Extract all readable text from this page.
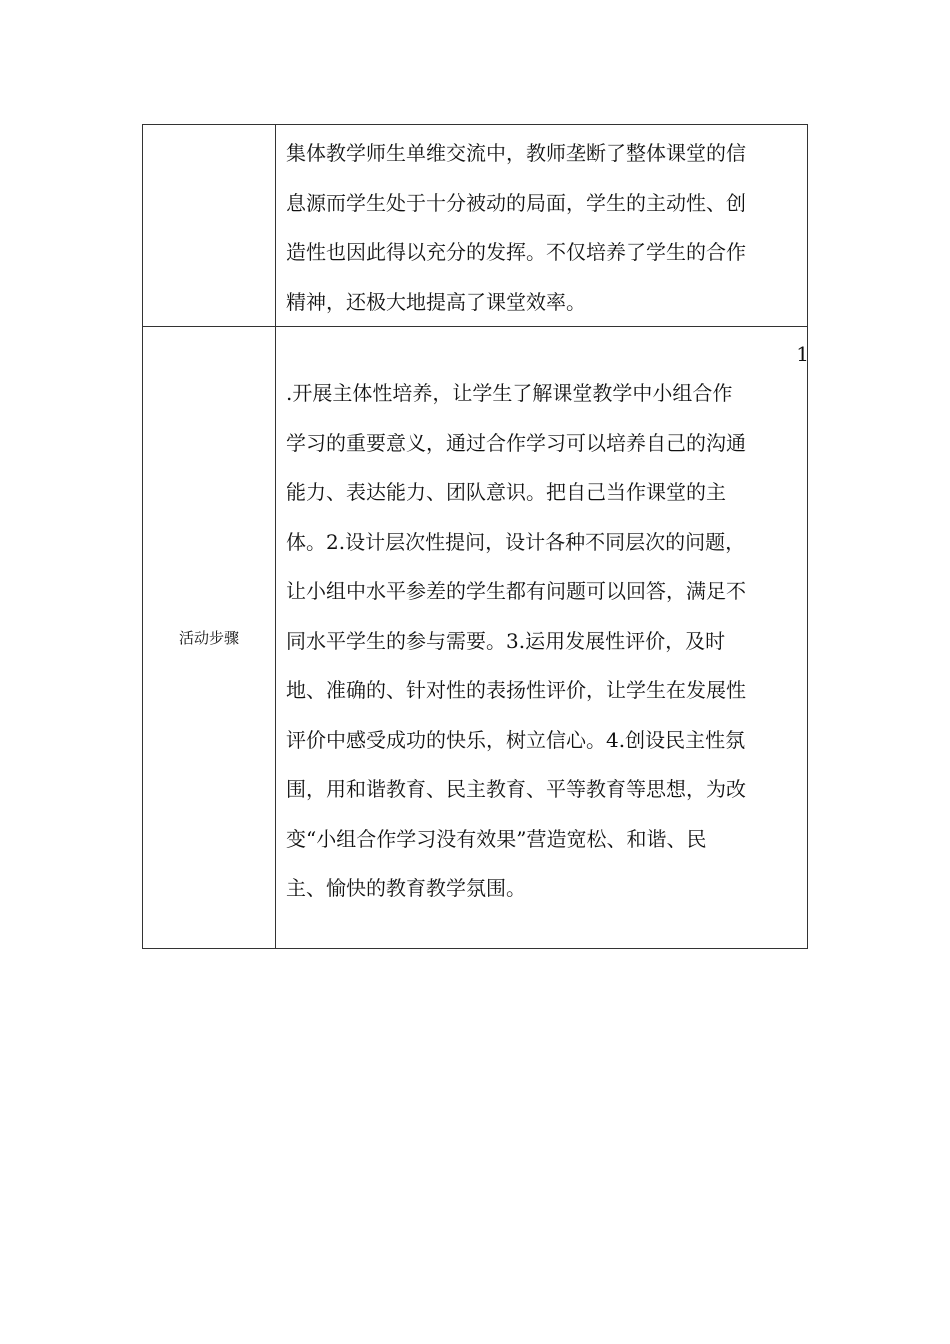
集体教学师生单维交流中，教师垄断了整体课堂的信
息源而学生处于十分被动的局面，学生的主动性、创
造性也因此得以充分的发挥。不仅培养了学生的合作
精神，还极大地提高了课堂效率。
活动步骤
1
.开展主体性培养，让学生了解课堂教学中小组合作
学习的重要意义，通过合作学习可以培养自己的沟通
能力、表达能力、团队意识。把自己当作课堂的主
体。2.设计层次性提问，设计各种不同层次的问题，
让小组中水平参差的学生都有问题可以回答，满足不
同水平学生的参与需要。3.运用发展性评价，及时
地、准确的、针对性的表扬性评价，让学生在发展性
评价中感受成功的快乐，树立信心。4.创设民主性氛
围，用和谐教育、民主教育、平等教育等思想，为改
变“小组合作学习没有效果”营造宽松、和谐、民
主、愉快的教育教学氛围。
